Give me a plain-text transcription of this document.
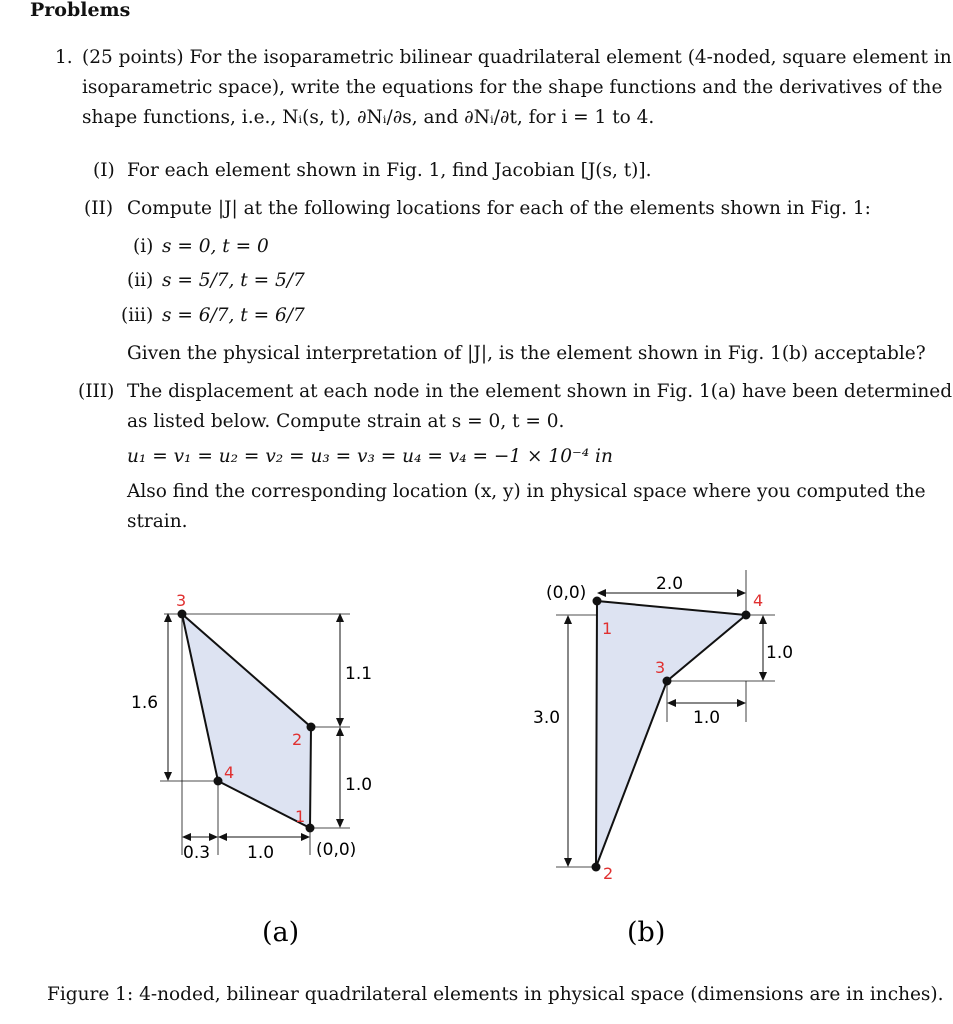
Problems
1. (25 points) For the isoparametric bilinear quadrilateral element (4-noded, square element in
isoparametric space), write the equations for the shape functions and the derivatives of the
shape functions, i.e., Nᵢ(s, t), ∂Nᵢ/∂s, and ∂Nᵢ/∂t, for i = 1 to 4.
(I) For each element shown in Fig. 1, find Jacobian [J(s, t)].
(II) Compute |J| at the following locations for each of the elements shown in Fig. 1:
(i) s = 0, t = 0
(ii) s = 5/7, t = 5/7
(iii) s = 6/7, t = 6/7
Given the physical interpretation of |J|, is the element shown in Fig. 1(b) acceptable?
(III) The displacement at each node in the element shown in Fig. 1(a) have been determined
as listed below. Compute strain at s = 0, t = 0.
u₁ = v₁ = u₂ = v₂ = u₃ = v₃ = u₄ = v₄ = −1 × 10⁻⁴ in
Also find the corresponding location (x, y) in physical space where you computed the
strain.
1
2
3
4
1.6
1.1
1.0
0.3 1.0 (0,0)
(a)
1
2
3
4
(0,0)	2.0
1.0
3.0	1.0
(b)
Figure 1: 4-noded, bilinear quadrilateral elements in physical space (dimensions are in inches).
